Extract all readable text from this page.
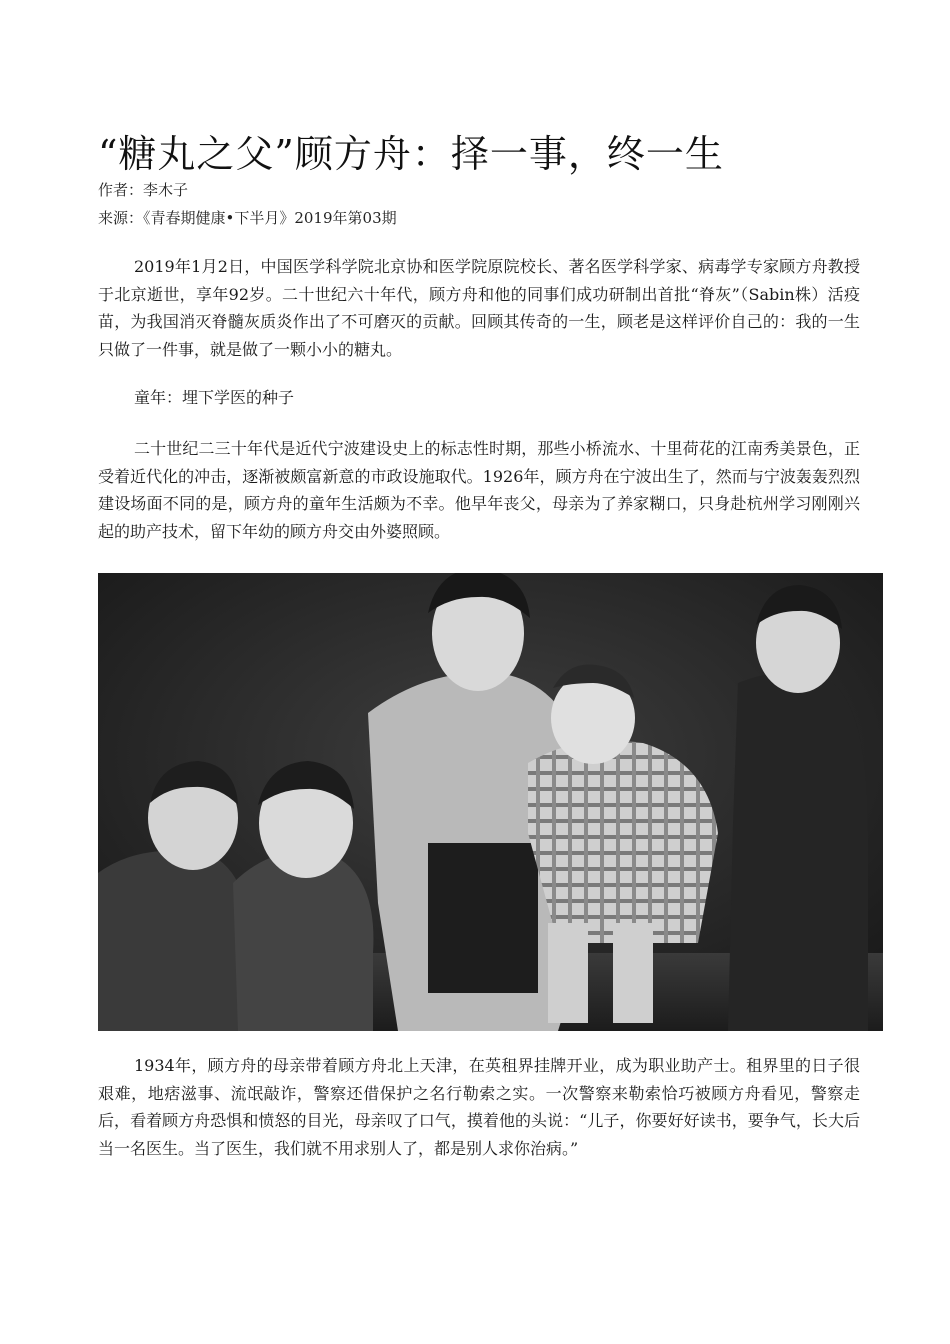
“糖丸之父”顾方舟：择一事，终一生
作者：李木子
来源：《青春期健康•下半月》2019年第03期

2019年1月2日，中国医学科学院北京协和医学院原院校长、著名医学科学家、病毒学专家顾方舟教授于北京逝世，享年92岁。二十世纪六十年代，顾方舟和他的同事们成功研制出首批“脊灰”（Sabin株）活疫苗，为我国消灭脊髓灰质炎作出了不可磨灭的贡献。回顾其传奇的一生，顾老是这样评价自己的：我的一生只做了一件事，就是做了一颗小小的糖丸。

童年：埋下学医的种子

二十世纪二三十年代是近代宁波建设史上的标志性时期，那些小桥流水、十里荷花的江南秀美景色，正受着近代化的冲击，逐渐被颇富新意的市政设施取代。1926年，顾方舟在宁波出生了，然而与宁波轰轰烈烈建设场面不同的是，顾方舟的童年生活颇为不幸。他早年丧父，母亲为了养家糊口，只身赴杭州学习刚刚兴起的助产技术，留下年幼的顾方舟交由外婆照顾。

1934年，顾方舟的母亲带着顾方舟北上天津，在英租界挂牌开业，成为职业助产士。租界里的日子很艰难，地痞滋事、流氓敲诈，警察还借保护之名行勒索之实。一次警察来勒索恰巧被顾方舟看见，警察走后，看着顾方舟恐惧和愤怒的目光，母亲叹了口气，摸着他的头说：“儿子，你要好好读书，要争气，长大后当一名医生。当了医生，我们就不用求别人了，都是别人求你治病。”
